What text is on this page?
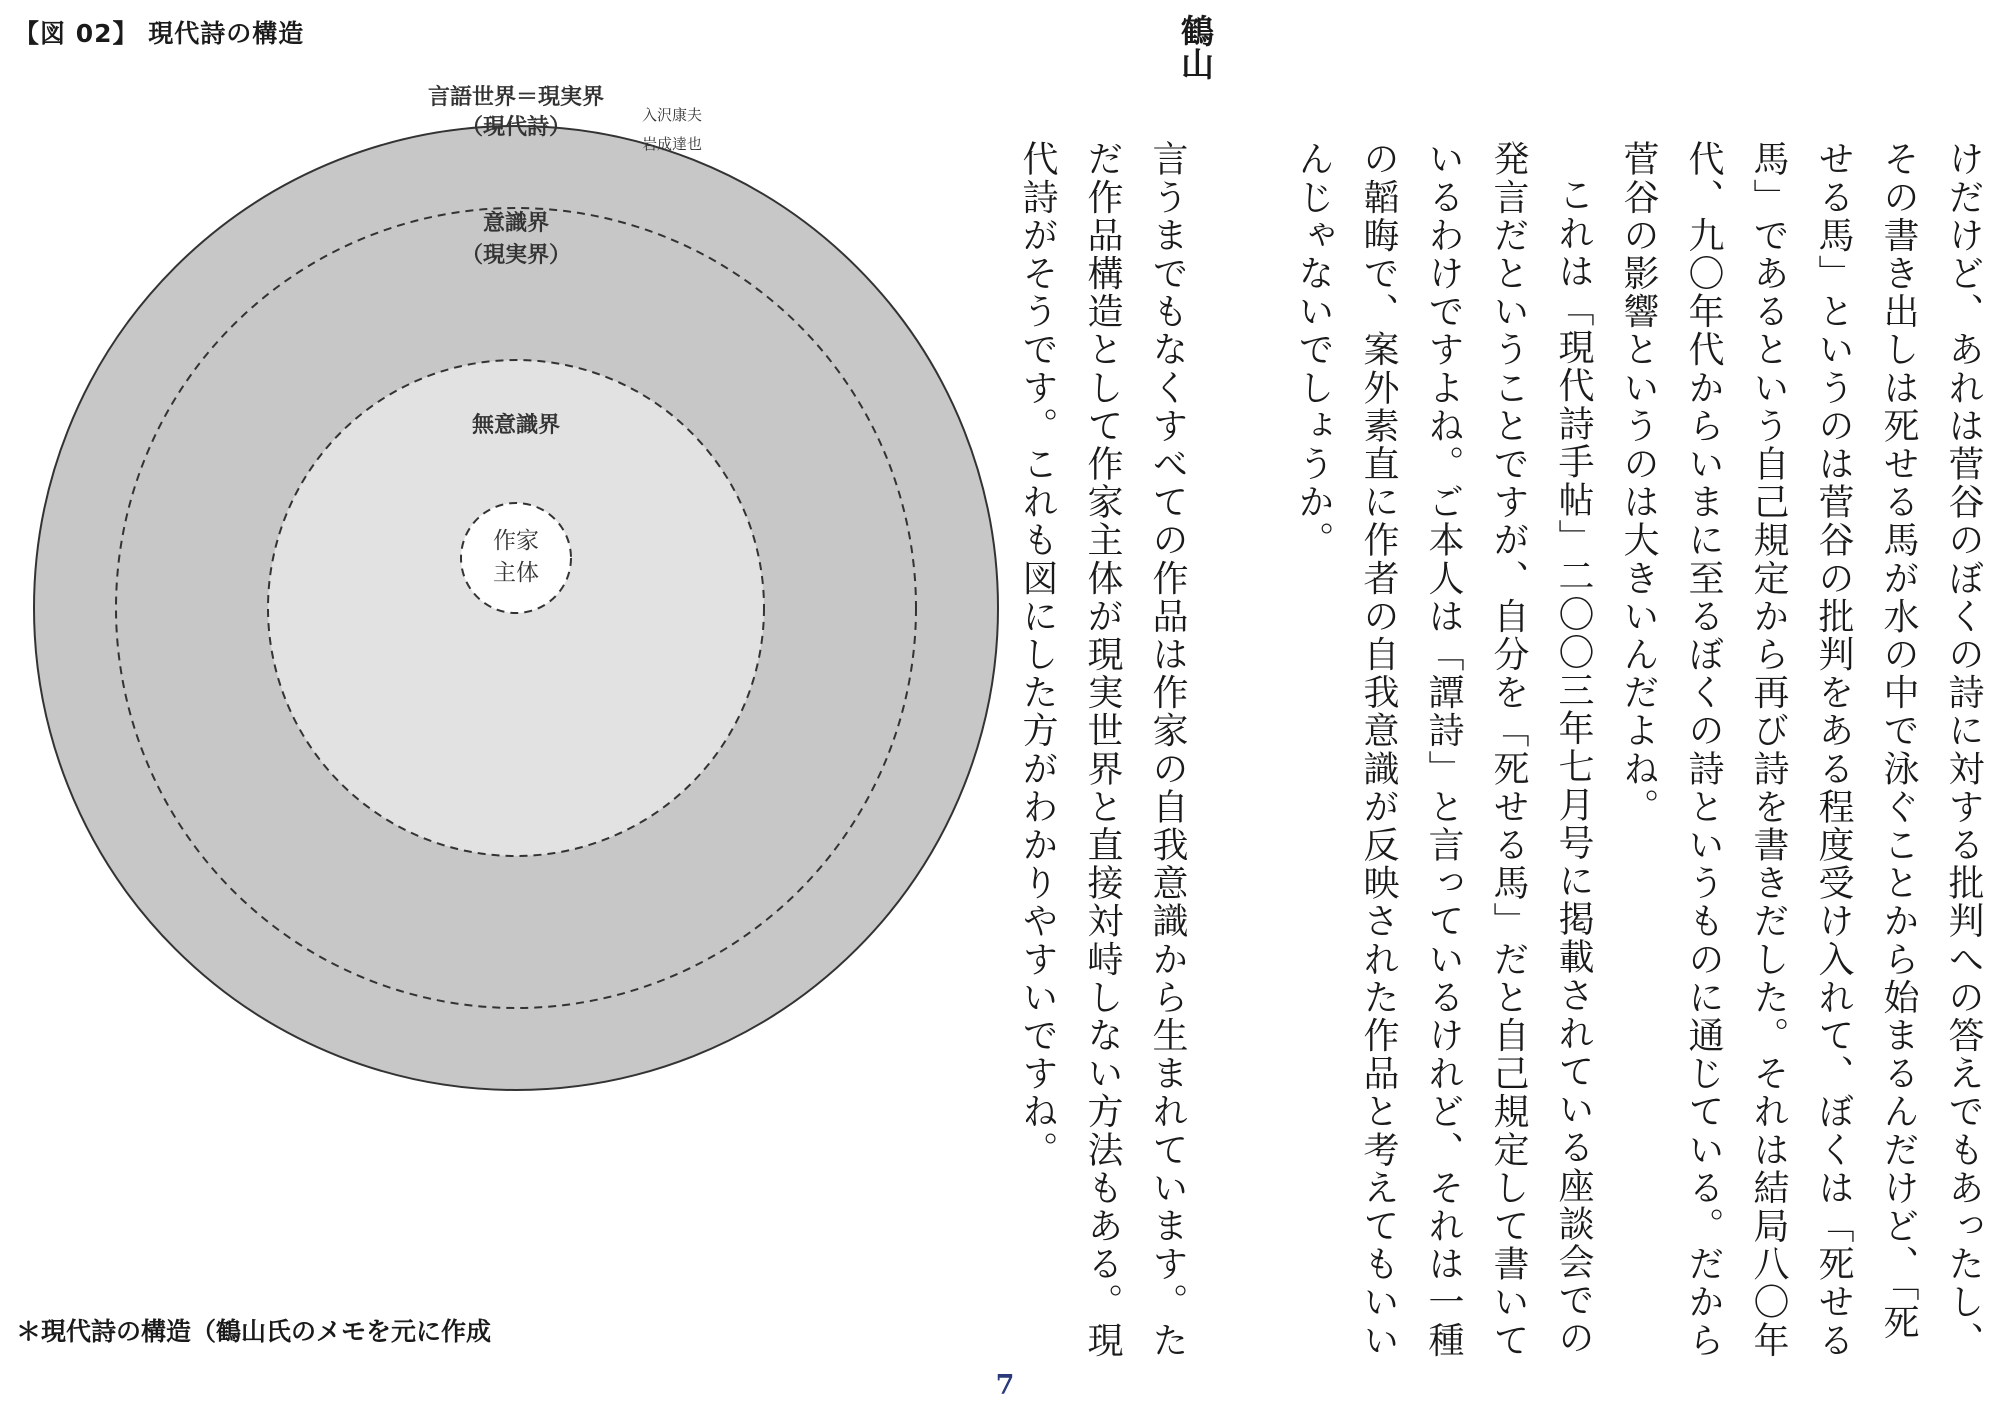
【図 02】 現代詩の構造
言語世界＝現実界
（現代詩）	入沢康夫
岩成達也
意識界
（現実界）
無意識界
作家
主体
＊現代詩の構造（鶴山氏のメモを元に作成	けだけど、あれは菅谷のぼくの詩に対する批判への答えでもあったし、その書き出しは死せる馬が水の中で泳ぐことから始まるんだけど、「死せる馬」というのは菅谷の批判をある程度受け入れて、ぼくは「死せる馬」であるという自己規定から再び詩を書きだした。それは結局八〇年代、九〇年代からいまに至るぼくの詩というものに通じている。だから菅谷の影響というのは大きいんだよね。

これは「現代詩手帖」二〇〇三年七月号に掲載されている座談会での発言だということですが、自分を「死せる馬」だと自己規定して書いているわけですよね。ご本人は「譚詩」と言っているけれど、それは一種の韜晦で、案外素直に作者の自我意識が反映された作品と考えてもいいんじゃないでしょうか。

鶴山

言うまでもなくすべての作品は作家の自我意識から生まれています。ただ作品構造として作家主体が現実世界と直接対峙しない方法もある。現代詩がそうです。これも図にした方がわかりやすいですね。

7
